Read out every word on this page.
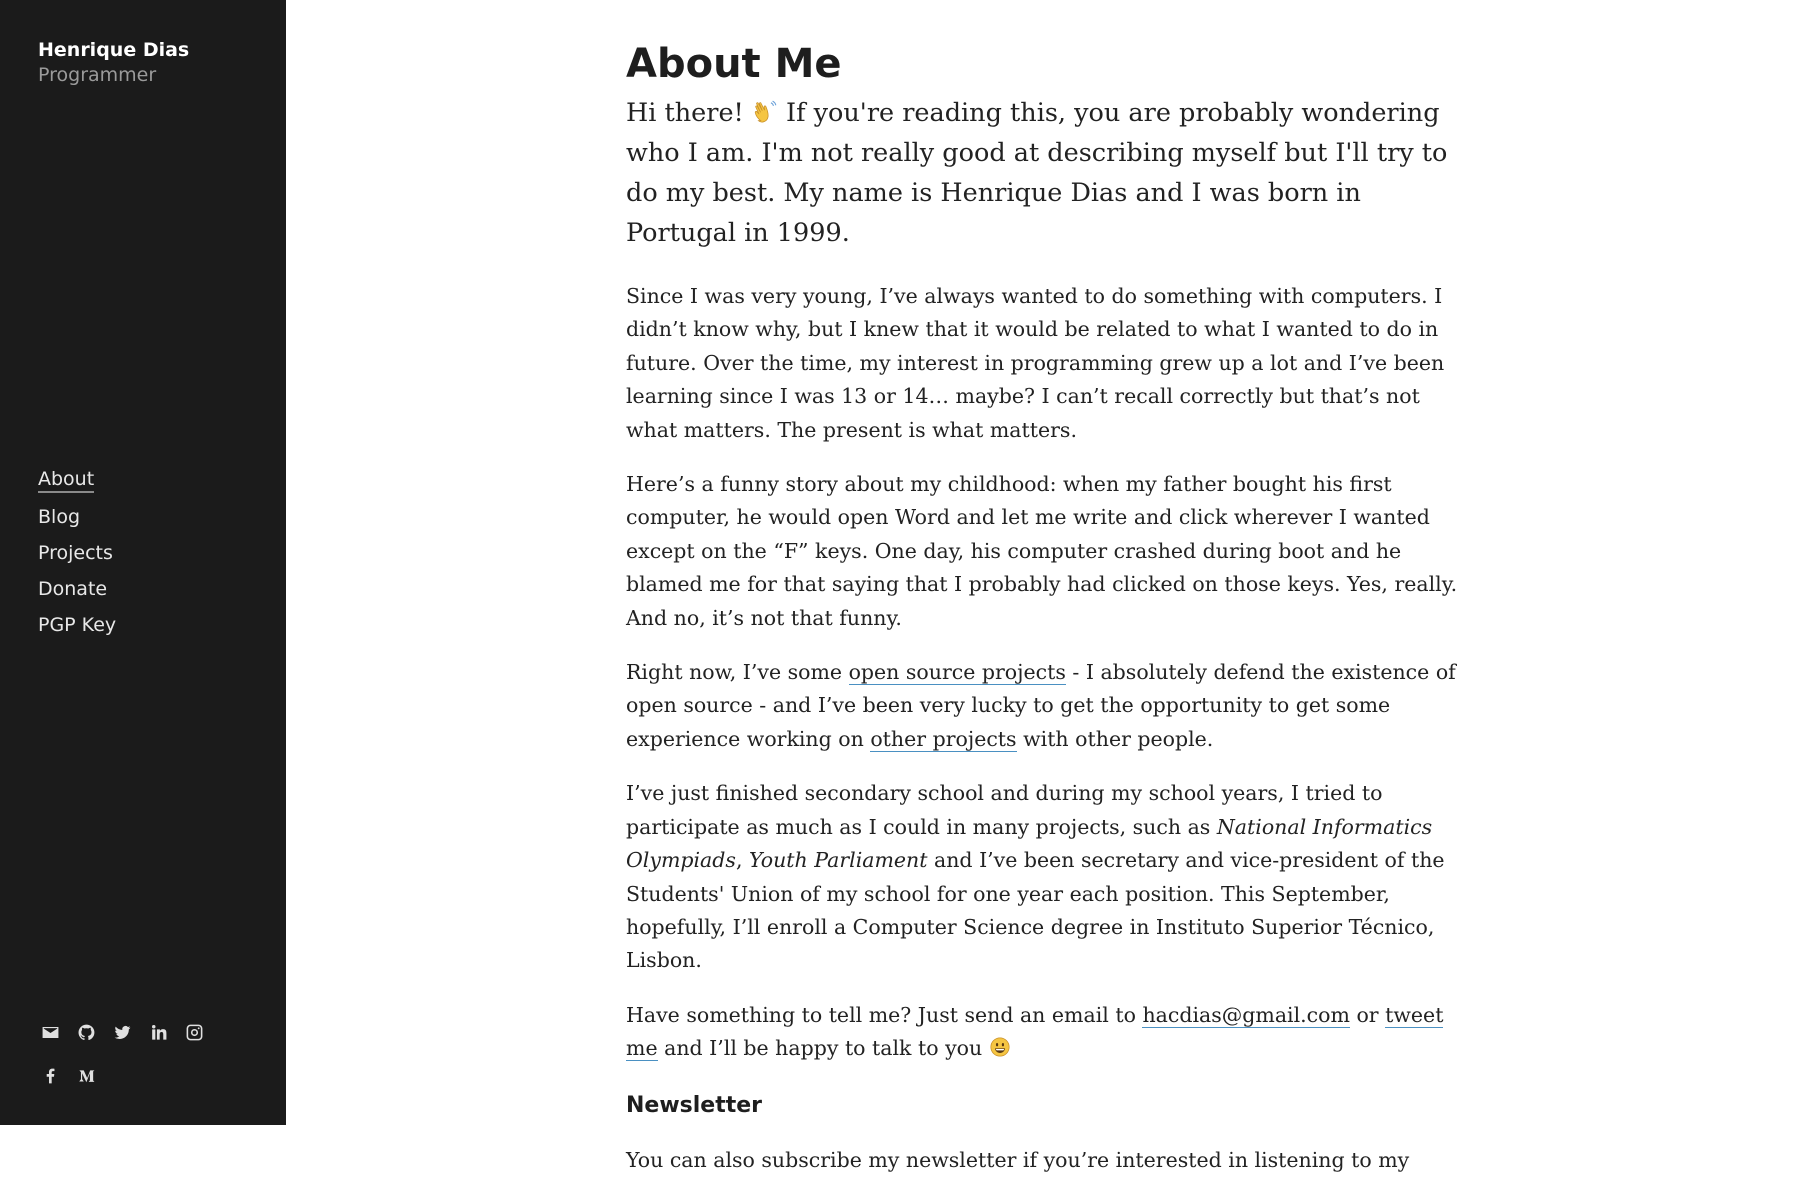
Henrique Dias
Programmer
About
Blog
Projects
Donate
PGP Key
About Me

Hi there!  If you're reading this, you are probably wondering who I am. I'm not really good at describing myself but I'll try to do my best. My name is Henrique Dias and I was born in Portugal in 1999.

Since I was very young, I’ve always wanted to do something with computers. I didn’t know why, but I knew that it would be related to what I wanted to do in future. Over the time, my interest in programming grew up a lot and I’ve been learning since I was 13 or 14… maybe? I can’t recall correctly but that’s not what matters. The present is what matters.

Here’s a funny story about my childhood: when my father bought his first computer, he would open Word and let me write and click wherever I wanted except on the “F” keys. One day, his computer crashed during boot and he blamed me for that saying that I probably had clicked on those keys. Yes, really. And no, it’s not that funny.

Right now, I’ve some open source projects - I absolutely defend the existence of open source - and I’ve been very lucky to get the opportunity to get some experience working on other projects with other people.

I’ve just finished secondary school and during my school years, I tried to participate as much as I could in many projects, such as National Informatics Olympiads, Youth Parliament and I’ve been secretary and vice-president of the Students' Union of my school for one year each position. This September, hopefully, I’ll enroll a Computer Science degree in Instituto Superior Técnico, Lisbon.

Have something to tell me? Just send an email to hacdias@gmail.com or tweet me and I’ll be happy to talk to you

Newsletter

You can also subscribe my newsletter if you’re interested in listening to my
